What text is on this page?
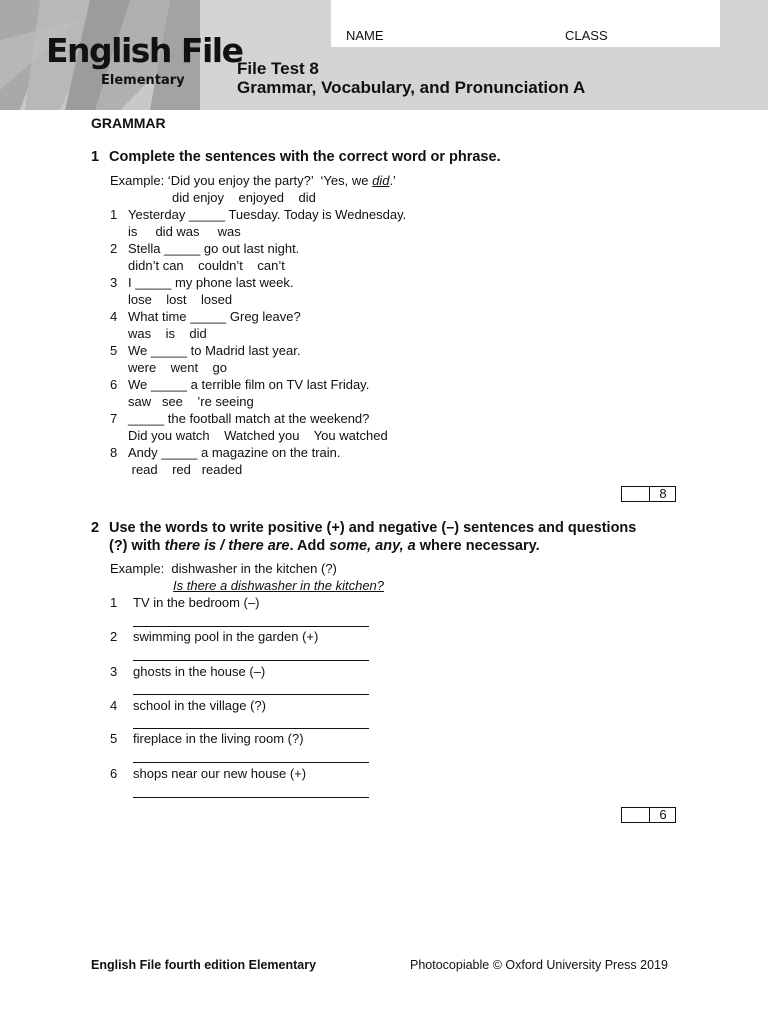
English File
Elementary
NAME	CLASS
File Test 8
Grammar, Vocabulary, and Pronunciation A
GRAMMAR
1 Complete the sentences with the correct word or phrase.
Example: ‘Did you enjoy the party?’  ‘Yes, we did.’
did enjoy    enjoyed    did
1 Yesterday _____ Tuesday. Today is Wednesday.
is     did was     was
2 Stella _____ go out last night.
didn’t can    couldn’t    can’t
3 I _____ my phone last week.
lose    lost    losed
4 What time _____ Greg leave?
was    is    did
5 We _____ to Madrid last year.
were    went    go
6 We _____ a terrible film on TV last Friday.
saw   see    ’re seeing
7 _____ the football match at the weekend?
Did you watch    Watched you    You watched
8 Andy _____ a magazine on the train.
read    red   readed
8
2 Use the words to write positive (+) and negative (–) sentences and questions
(?) with there is / there are. Add some, any, a where necessary.
Example:  dishwasher in the kitchen (?)
Is there a dishwasher in the kitchen?
1 TV in the bedroom (–)
2 swimming pool in the garden (+)
3 ghosts in the house (–)
4 school in the village (?)
5 fireplace in the living room (?)
6 shops near our new house (+)
6
English File fourth edition Elementary	Photocopiable © Oxford University Press 2019
